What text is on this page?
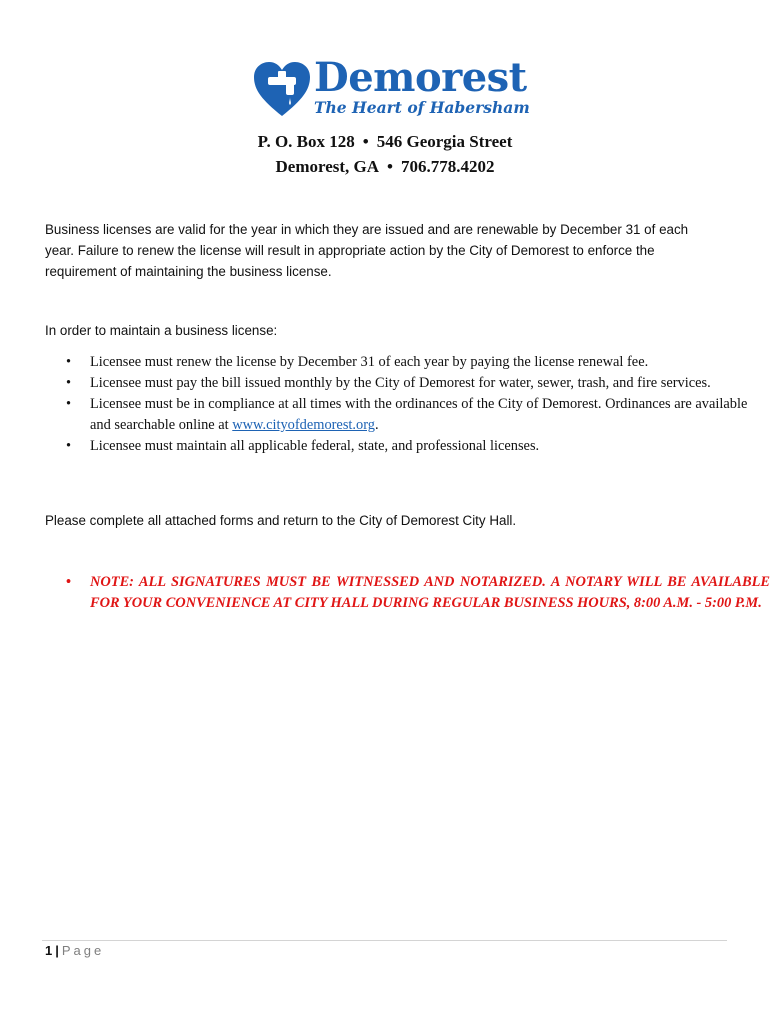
Demorest
The Heart of Habersham
P. O. Box 128 • 546 Georgia Street
Demorest, GA • 706.778.4202
Business licenses are valid for the year in which they are issued and are renewable by December 31 of each year. Failure to renew the license will result in appropriate action by the City of Demorest to enforce the requirement of maintaining the business license.
In order to maintain a business license:
• Licensee must renew the license by December 31 of each year by paying the license renewal fee.
• Licensee must pay the bill issued monthly by the City of Demorest for water, sewer, trash, and fire services.
• Licensee must be in compliance at all times with the ordinances of the City of Demorest. Ordinances are available and searchable online at www.cityofdemorest.org.
• Licensee must maintain all applicable federal, state, and professional licenses.
Please complete all attached forms and return to the City of Demorest City Hall.
• NOTE: ALL SIGNATURES MUST BE WITNESSED AND NOTARIZED. A NOTARY WILL BE AVAILABLE FOR YOUR CONVENIENCE AT CITY HALL DURING REGULAR BUSINESS HOURS, 8:00 A.M. - 5:00 P.M.
1 | Page
